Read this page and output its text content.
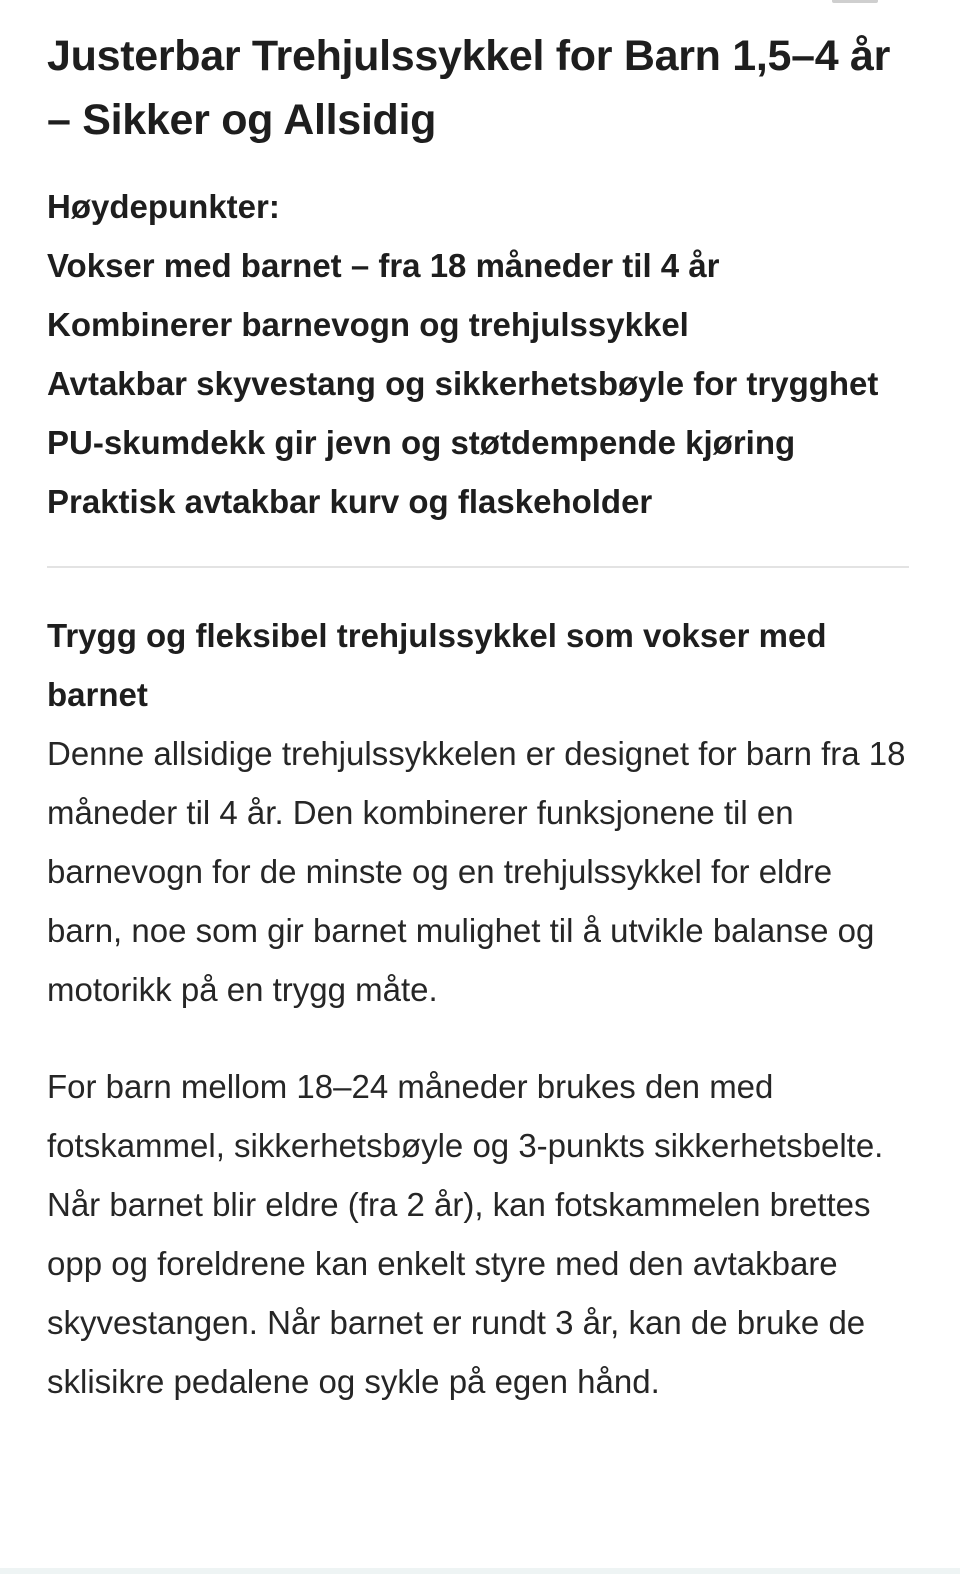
Justerbar Trehjulssykkel for Barn 1,5–4 år – Sikker og Allsidig
Høydepunkter:
Vokser med barnet – fra 18 måneder til 4 år
Kombinerer barnevogn og trehjulssykkel
Avtakbar skyvestang og sikkerhetsbøyle for trygghet
PU-skumdekk gir jevn og støtdempende kjøring
Praktisk avtakbar kurv og flaskeholder
Trygg og fleksibel trehjulssykkel som vokser med barnet

Denne allsidige trehjulssykkelen er designet for barn fra 18 måneder til 4 år. Den kombinerer funksjonene til en barnevogn for de minste og en trehjulssykkel for eldre barn, noe som gir barnet mulighet til å utvikle balanse og motorikk på en trygg måte.

For barn mellom 18–24 måneder brukes den med fotskammel, sikkerhetsbøyle og 3-punkts sikkerhetsbelte. Når barnet blir eldre (fra 2 år), kan fotskammelen brettes opp og foreldrene kan enkelt styre med den avtakbare skyvestangen. Når barnet er rundt 3 år, kan de bruke de sklisikre pedalene og sykle på egen hånd.
